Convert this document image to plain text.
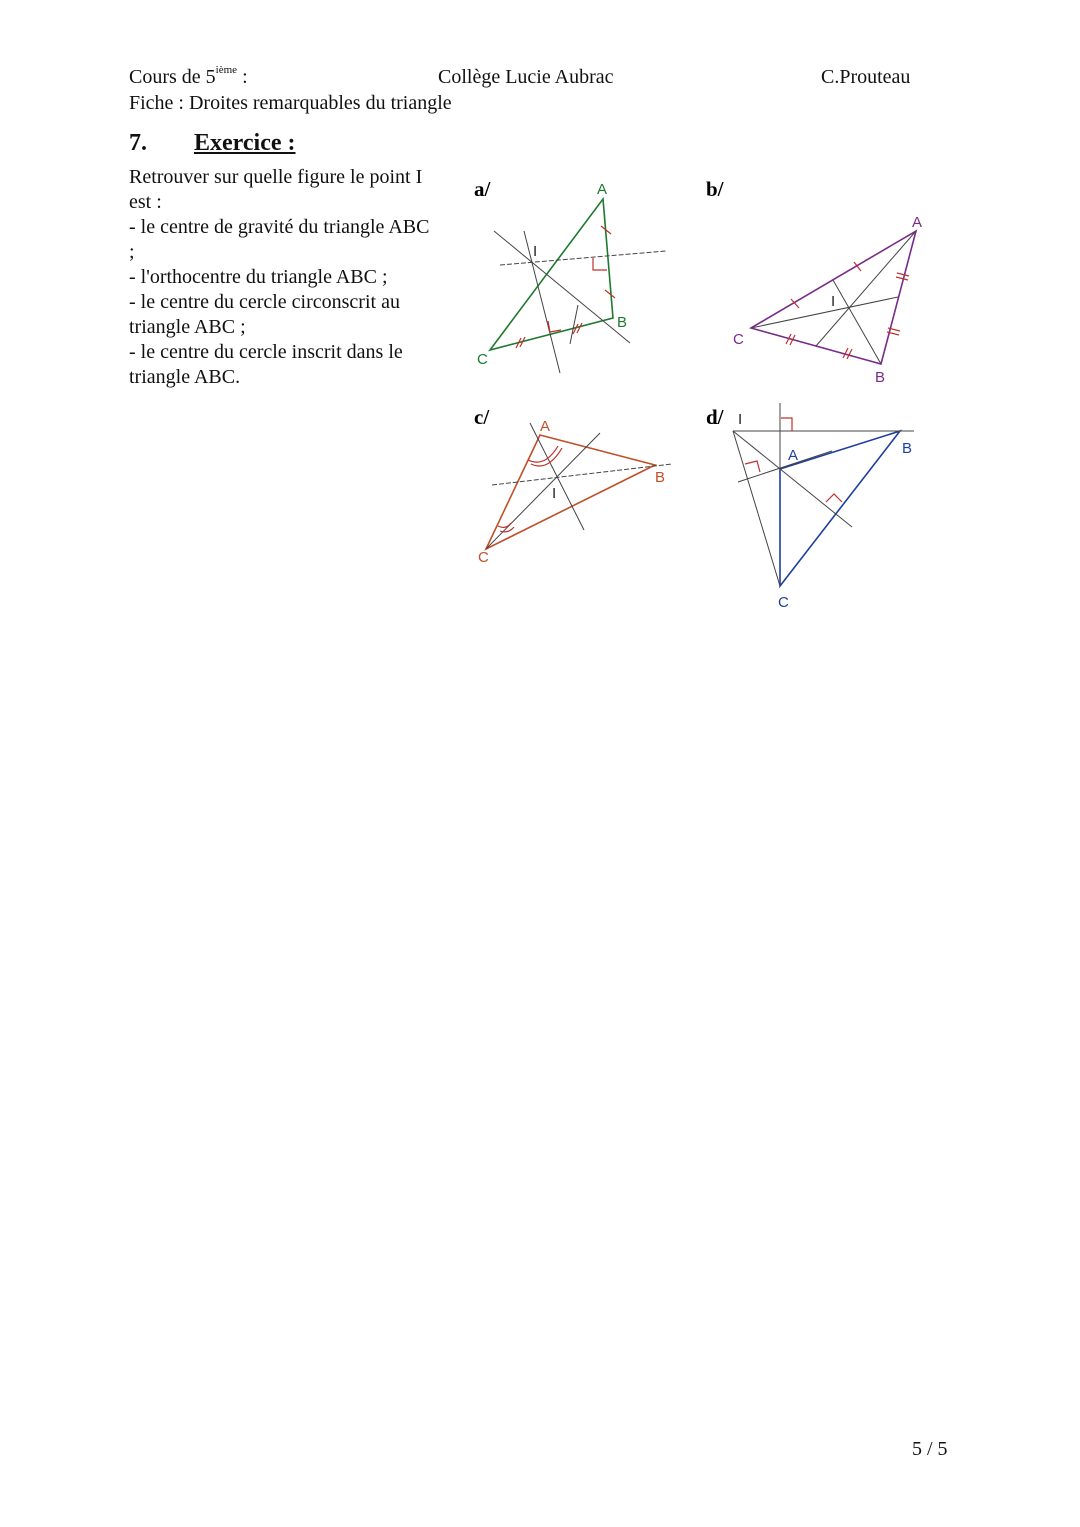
Cours de 5ième :	Collège Lucie Aubrac	C.Prouteau
Fiche : Droites remarquables du triangle
7. Exercice :

Retrouver sur quelle figure le point I est :

- le centre de gravité du triangle ABC ;

- l'orthocentre du triangle ABC ;

- le centre du cercle circonscrit au triangle ABC ;

- le centre du cercle inscrit dans le triangle ABC.

a/	A
B
C
I
b/
A
B
C
I
c/	A
B
C
I
d/
A	B
C
I
5 / 5
